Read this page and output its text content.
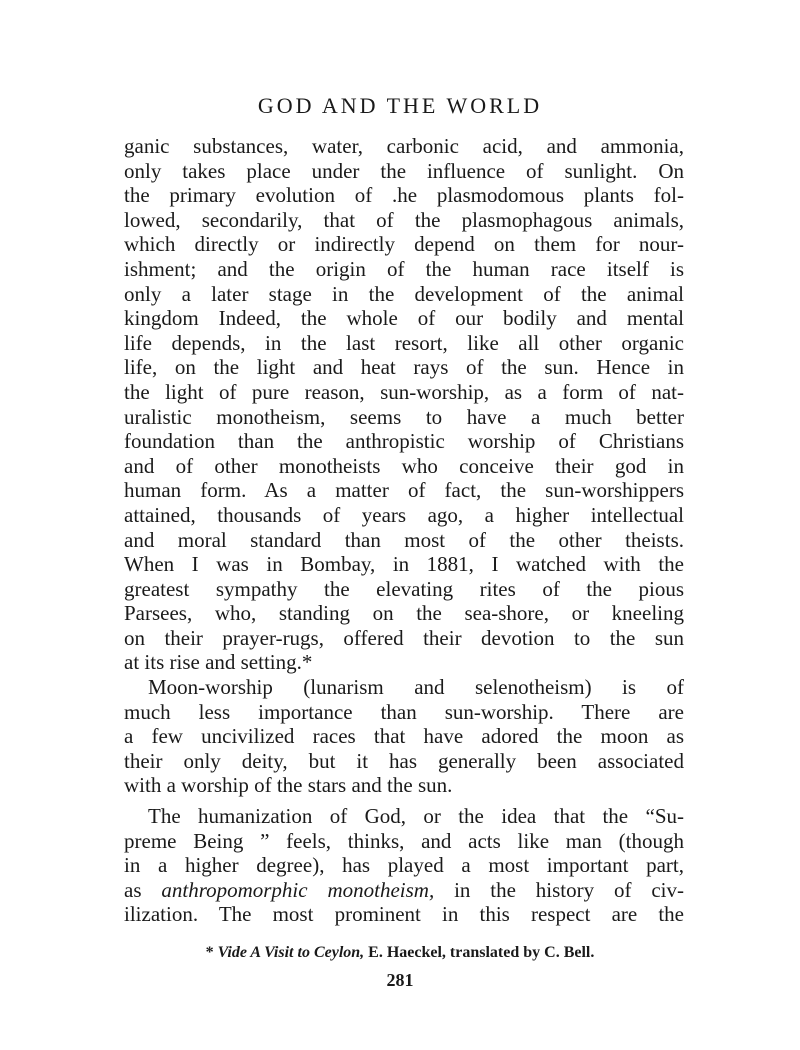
GOD AND THE WORLD
ganic substances, water, carbonic acid, and ammonia,
only takes place under the influence of sunlight. On
the primary evolution of .he plasmodomous plants fol-
lowed, secondarily, that of the plasmophagous animals,
which directly or indirectly depend on them for nour-
ishment; and the origin of the human race itself is
only a later stage in the development of the animal
kingdom Indeed, the whole of our bodily and mental
life depends, in the last resort, like all other organic
life, on the light and heat rays of the sun. Hence in
the light of pure reason, sun-worship, as a form of nat-
uralistic monotheism, seems to have a much better
foundation than the anthropistic worship of Christians
and of other monotheists who conceive their god in
human form. As a matter of fact, the sun-worshippers
attained, thousands of years ago, a higher intellectual
and moral standard than most of the other theists.
When I was in Bombay, in 1881, I watched with the
greatest sympathy the elevating rites of the pious
Parsees, who, standing on the sea-shore, or kneeling
on their prayer-rugs, offered their devotion to the sun
at its rise and setting.*
Moon-worship (lunarism and selenotheism) is of
much less importance than sun-worship. There are
a few uncivilized races that have adored the moon as
their only deity, but it has generally been associated
with a worship of the stars and the sun.
The humanization of God, or the idea that the “Su-
preme Being ” feels, thinks, and acts like man (though
in a higher degree), has played a most important part,
as anthropomorphic monotheism, in the history of civ-
ilization. The most prominent in this respect are the
* Vide A Visit to Ceylon, E. Haeckel, translated by C. Bell.
281
